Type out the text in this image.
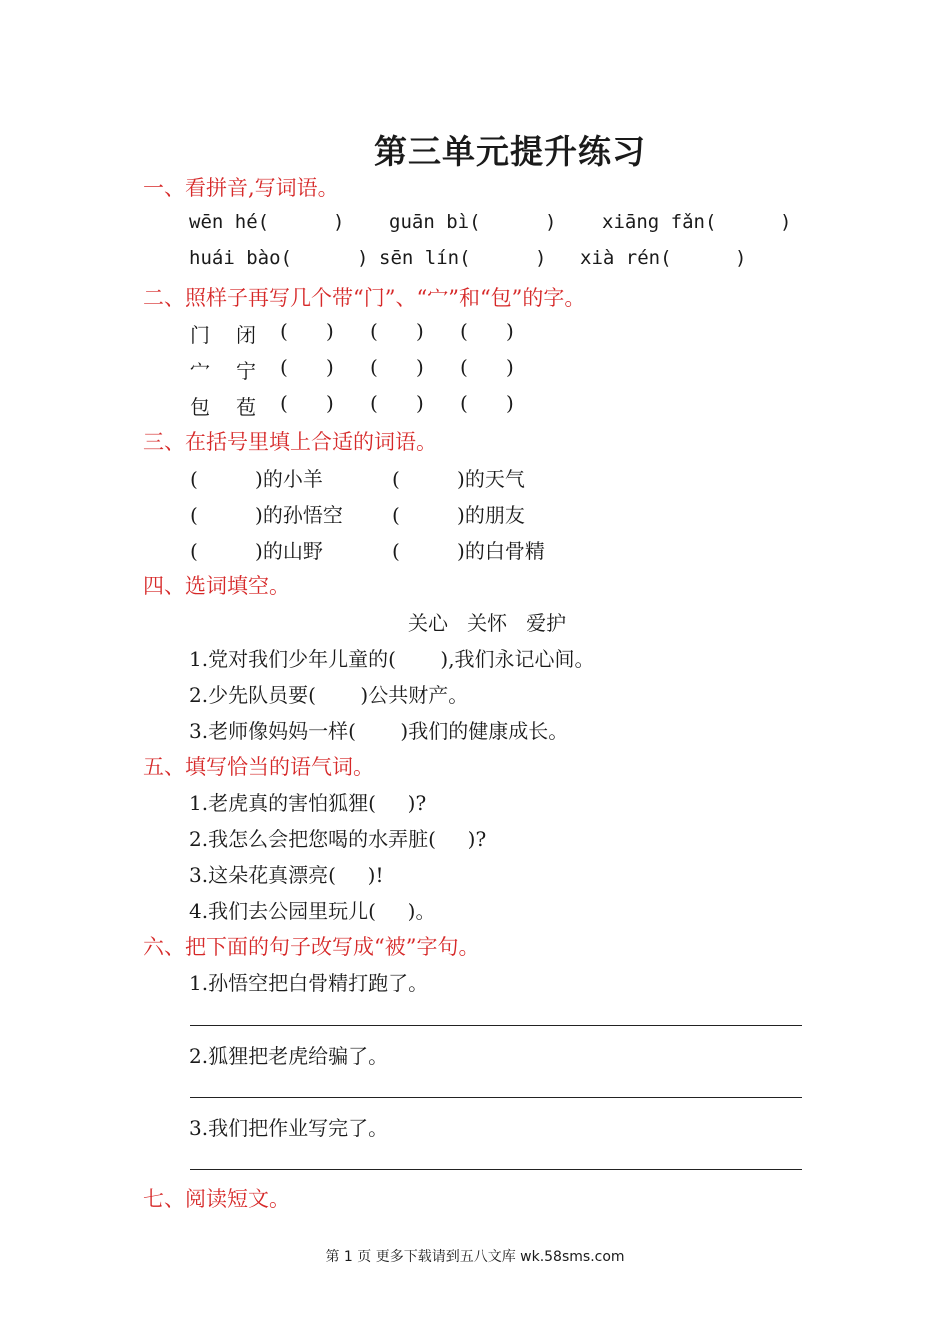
第三单元提升练习
一、看拼音,写词语。
wēn hé(	) guān bì(	) xiāng fǎn(	)
huái bào(	) sēn lín(	) xià rén(	)
二、照样子再写几个带“门”、“宀”和“包”的字。
门 闭 (      ) (      ) (      )
宀 宁 (      ) (      ) (      )
包 苞 (      ) (      ) (      )
三、在括号里填上合适的词语。
(         )的小羊	(         )的天气
(         )的孙悟空 (         )的朋友
(         )的山野	(         )的白骨精
四、选词填空。
关心   关怀   爱护
1.党对我们少年儿童的(       ),我们永记心间。
2.少先队员要(       )公共财产。
3.老师像妈妈一样(       )我们的健康成长。
五、填写恰当的语气词。
1.老虎真的害怕狐狸(     )?
2.我怎么会把您喝的水弄脏(     )?
3.这朵花真漂亮(     )!
4.我们去公园里玩儿(     )。
六、把下面的句子改写成“被”字句。
1.孙悟空把白骨精打跑了。
2.狐狸把老虎给骗了。
3.我们把作业写完了。
七、阅读短文。
第 1 页 更多下载请到五八文库 wk.58sms.com
